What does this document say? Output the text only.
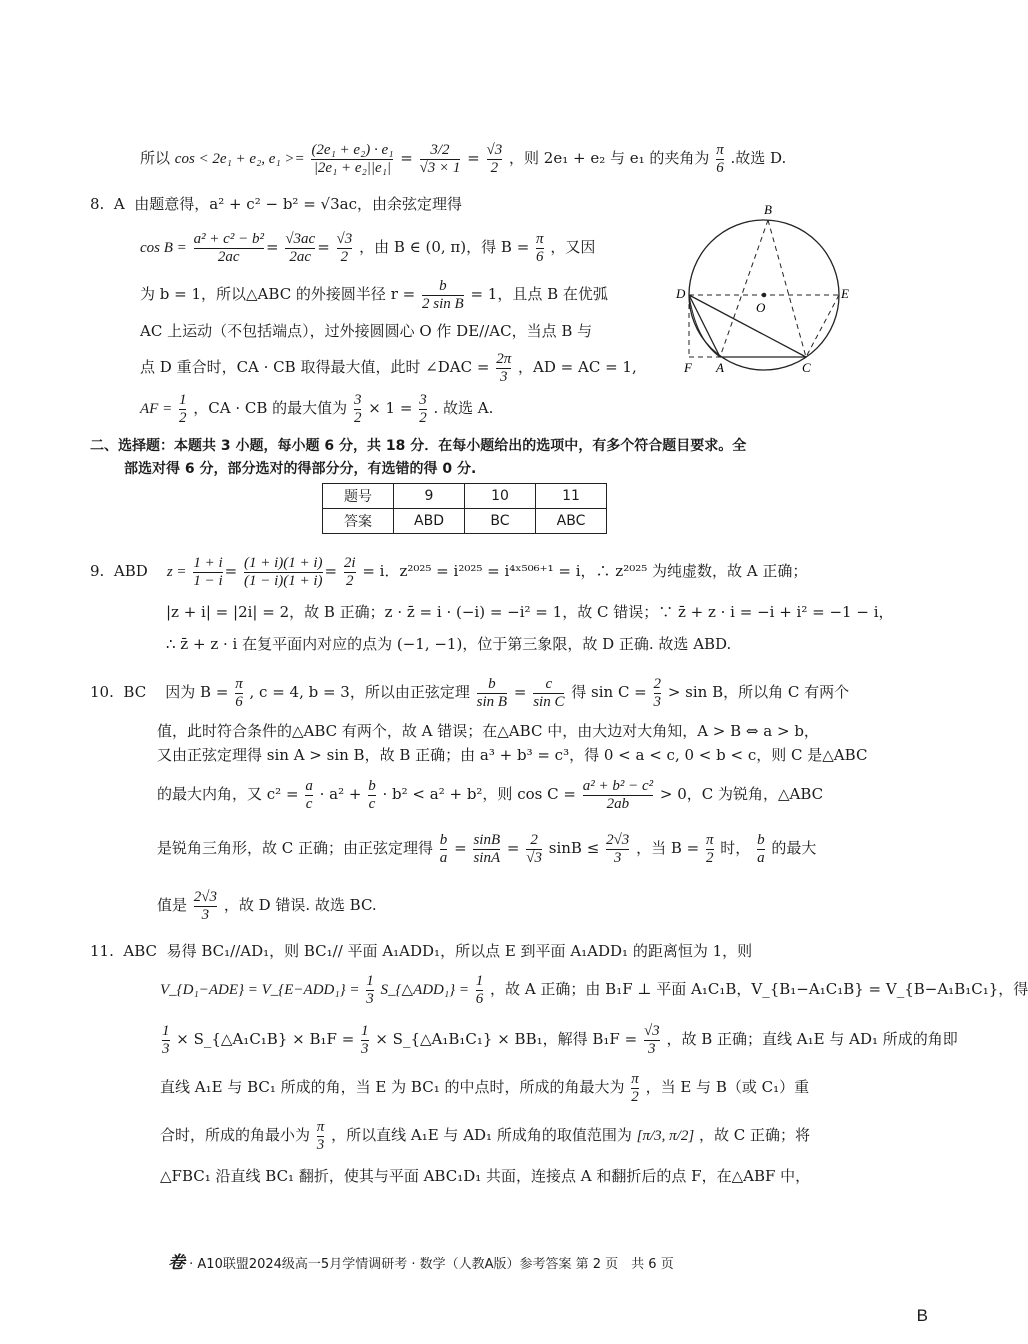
所以 cos < 2e₁ + e₂, $e_1 >= \frac{\text{(2e₁ + e₂) · e₁}}{\text{|2e₁ + e₂||e₁|}} = \frac{3/2}{√3 \times 1} = \frac{√3}{2}$ ，则 2e₁ + e₂ 与 e₁ 的夹角为 $\frac{\pi}{6}$ .故选 D.
8. A 由题意得，a² + c² − b² = √3ac，由余弦定理得
$\cos B = \frac{\text{a² + c² − b²}}{2ac} = \frac{√3ac}{2ac} = \frac{√3}{2}$ ，由 B ∈ (0, π)，得 $B = \frac{\pi}{6}$ ，又因
为 b = 1，所以△ABC 的外接圆半径 $r = \frac{b}{\text{2 sin B}} = 1$，且点 B 在优弧
AC 上运动（不包括端点），过外接圆圆心 O 作 DE//AC，当点 B 与
点 D 重合时，CA · CB 取得最大值，此时 ∠DAC = $\frac{2\pi}{3}$ ，AD = AC = 1,
AF = $\frac{1}{2}$ ，CA · CB 的最大值为 $\frac{3}{2} \times 1 = \frac{3}{2}$ . 故选 A.
B
D
O
E
F A	C
二、选择题：本题共 3 小题，每小题 6 分，共 18 分．在每小题给出的选项中，有多个符合题目要求。全
部选对得 6 分，部分选对的得部分分，有选错的得 0 分.
题号	9	10	11
答案	ABD	BC	ABC
9. ABD $z = \frac{1 + i}{1 - i} = \frac{(1 + i)(1 + i)}{(1 - i)(1 + i)} = \frac{2i}{2} = i$．z²⁰²⁵ = i²⁰²⁵ = i⁴ˣ⁵⁰⁶⁺¹ = i，∴ z²⁰²⁵ 为纯虚数，故 A 正确；
|z + i| = |2i| = 2，故 B 正确；z · z̄ = i · (−i) = −i² = 1，故 C 错误；∵ z̄ + z · i = −i + i² = −1 − i，
∴ z̄ + z · i 在复平面内对应的点为 (−1, −1)，位于第三象限，故 D 正确. 故选 ABD.
10. BC 因为 $B = \frac{\pi}{6}$ , c = 4, b = 3，所以由正弦定理 $\frac{b}{\text{sin B}} = \frac{c}{\text{sin C}}$ 得 $\sin C = \frac{2}{3} > \sin B$，所以角 C 有两个
值，此时符合条件的△ABC 有两个，故 A 错误；在△ABC 中，由大边对大角知，A > B ⇔ a > b，
又由正弦定理得 sin A > sin B，故 B 正确；由 a³ + b³ = c³，得 0 < a < c, 0 < b < c，则 C 是△ABC
的最大内角，又 $c^2 = \frac{a}{c} \cdot a^2 + \frac{b}{c} \cdot b^2 < a^2 + b^2$，则 $\cos C = \frac{\text{a² + b² − c²}}{2ab} > 0$，C 为锐角，△ABC
是锐角三角形，故 C 正确；由正弦定理得 $\frac{b}{a} = \frac{\sin B}{\sin A} = \frac{2}{√3}$ $\sin B \le \frac{2√3}{3}$ ，当 $B = \frac{\pi}{2}$ 时， $\frac{b}{a}$ 的最大
值是 $\frac{2√3}{3}$ ，故 D 错误. 故选 BC.
11. ABC 易得 BC₁//AD₁，则 BC₁// 平面 A₁ADD₁，所以点 E 到平面 A₁ADD₁ 的距离恒为 1，则
V_{D₁−ADE} = V_{E−ADD₁} = $\frac{1}{3}$ S_{△ADD₁} = $\frac{1}{6}$ ，故 A 正确；由 B₁F ⊥ 平面 A₁C₁B，V_{B₁−A₁C₁B} = V_{B−A₁B₁C₁}，得
$\frac{1}{3}$ × S_{△A₁C₁B} × $B_1F = \frac{1}{3}$ × S_{△A₁B₁C₁} × BB₁，解得 $B_1F = \frac{√3}{3}$ ，故 B 正确；直线 A₁E 与 AD₁ 所成的角即
直线 A₁E 与 BC₁ 所成的角，当 E 为 BC₁ 的中点时，所成的角最大为 $\frac{\pi}{2}$ ，当 E 与 B（或 C₁）重
合时，所成的角最小为 $\frac{\pi}{3}$ ，所以直线 A₁E 与 AD₁ 所成角的取值范围为 [π/3, π/2] ，故 C 正确；将
△FBC₁ 沿直线 BC₁ 翻折，使其与平面 ABC₁D₁ 共面，连接点 A 和翻折后的点 F，在△ABF 中，
卷 · A10联盟2024级高一5月学情调研考 · 数学（人教A版）参考答案 第 2 页　共 6 页
B
